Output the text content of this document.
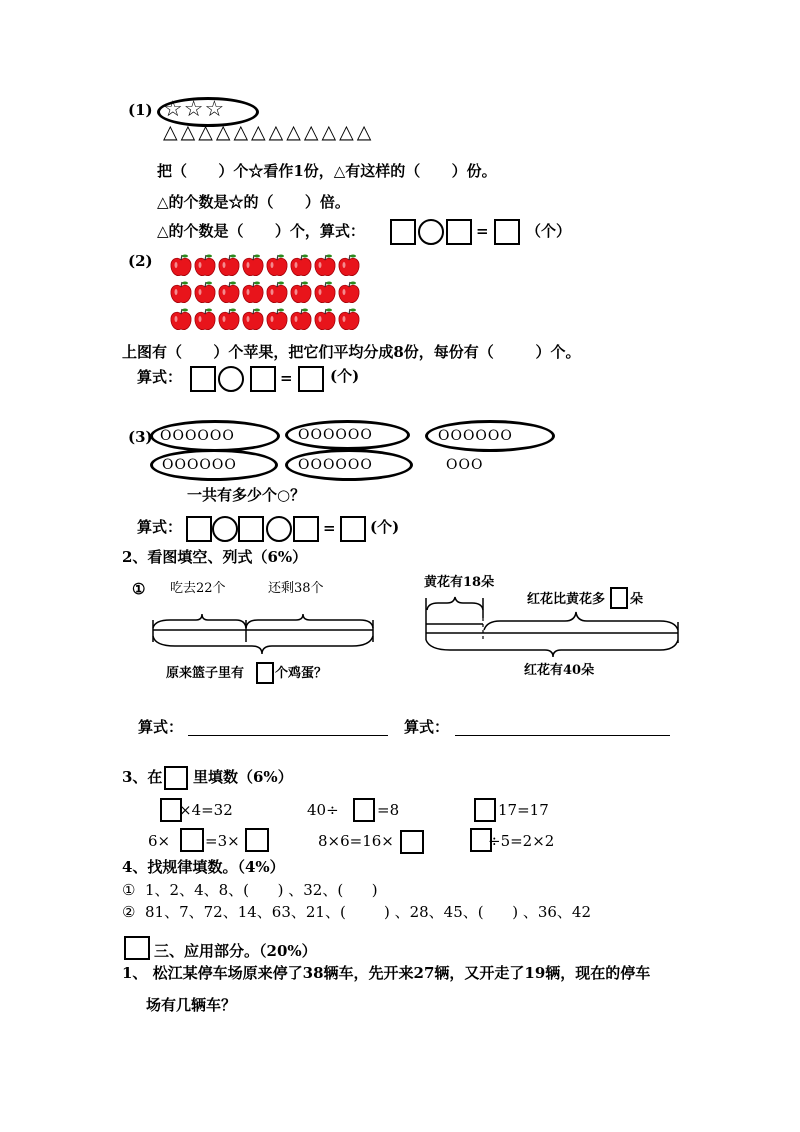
(1) ☆☆☆
△△△△△△△△△△△△
把（      ）个☆看作1份，△有这样的（      ）份。
△的个数是☆的（      ）倍。
△的个数是（      ）个，算式：	= （个）
(2)
上图有（      ）个苹果，把它们平均分成8份，每份有（        ）个。
算式：	= (个)
(3) OOOOOO	OOOOOO	OOOOOO
OOOOOO	OOOOOO	OOO
一共有多少个○？
算式：	= (个)
2、看图填空、列式（6%）
① 吃去22个	还剩38个
原来篮子里有 个鸡蛋？
黄花有18朵
红花比黄花多 朵
红花有40朵
算式：	算式：
3、在 里填数（6%）
×4=32	40÷	=8	17=17
6× =3×	8×6=16×	÷5=2×2
4、找规律填数。（4%）
①  1、2、4、8、(      ) 、32、(      )
②  81、7、72、14、63、21、(        ) 、28、45、(      ) 、36、42
三、应用部分。（20%）
1、 松江某停车场原来停了38辆车，先开来27辆，又开走了19辆，现在的停车
场有几辆车？
